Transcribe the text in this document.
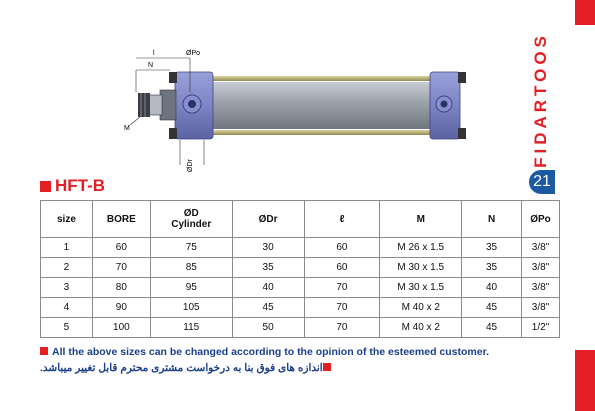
FIDARTOOS
21
N
l	ØPo
M
ØDr
HFT-B
size	BORE	ØD
Cylinder	ØDr	ℓ	M	N	ØPo
1	60	75	30	60	M 26 x 1.5	35	3/8"
2	70	85	35	60	M 30 x 1.5	35	3/8"
3	80	95	40	70	M 30 x 1.5	40	3/8"
4	90	105	45	70	M 40 x 2	45	3/8"
5	100	115	50	70	M 40 x 2	45	1/2"
All the above sizes can be changed according to the opinion of the esteemed customer.
اندازه های فوق بنا به درخواست مشتری محترم قابل تغییر میباشد.
